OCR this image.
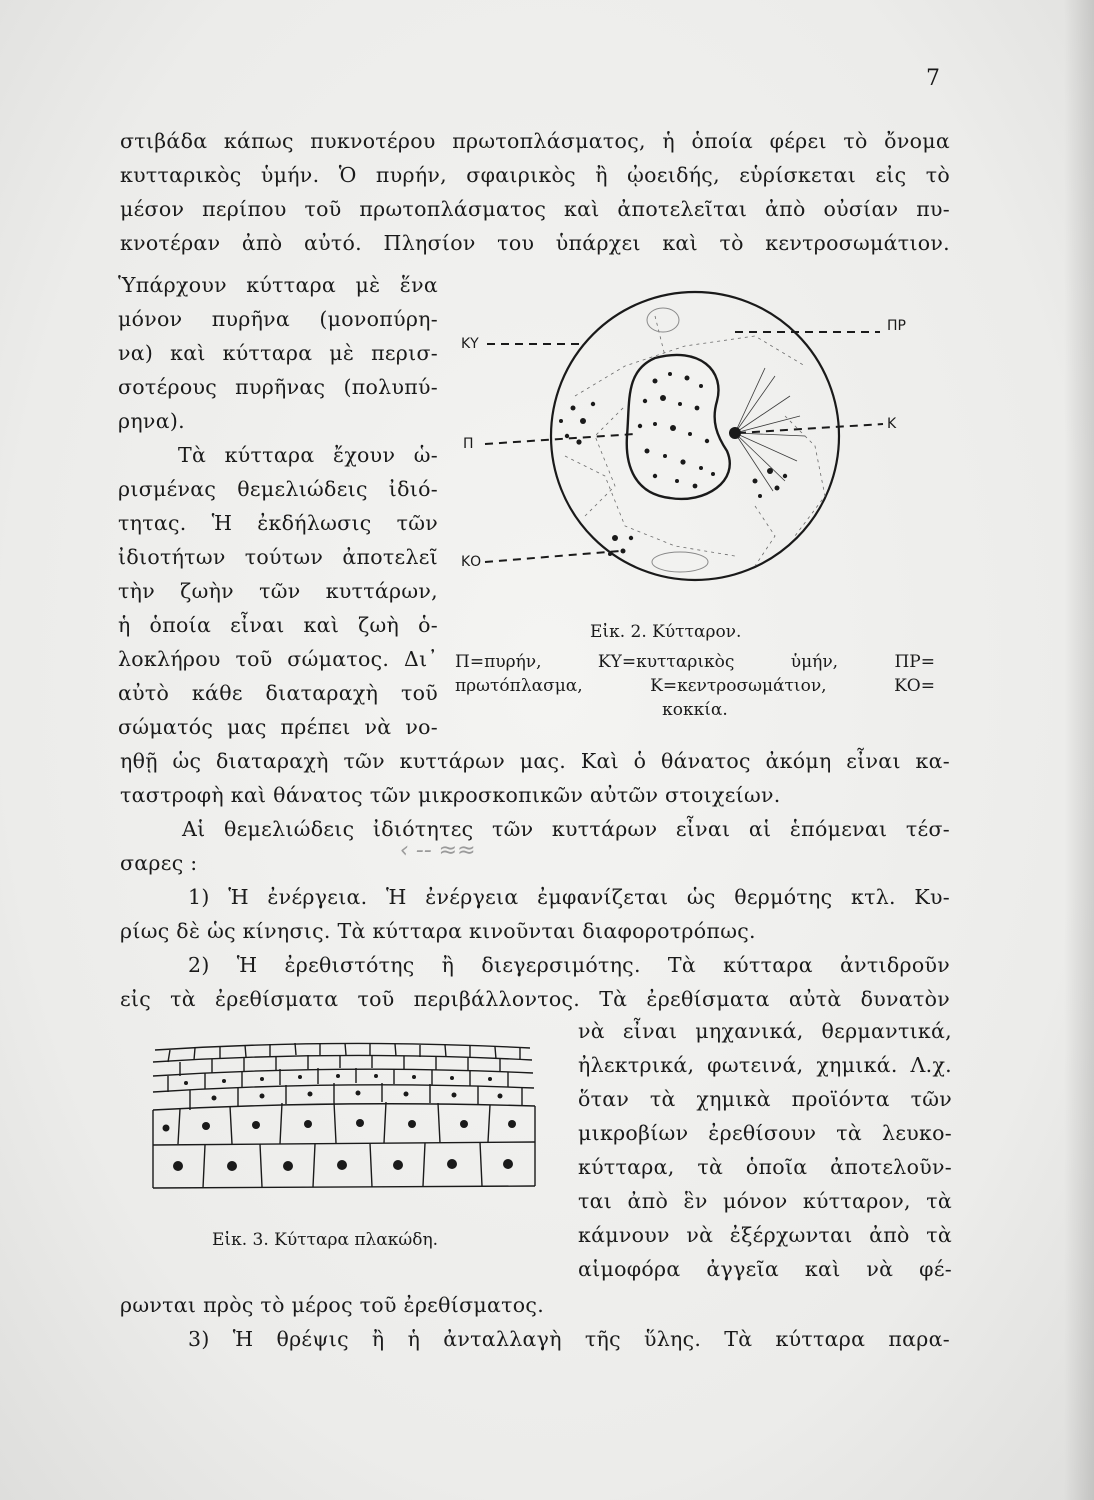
7
στιβάδα κάπως πυκνοτέρου πρωτοπλάσματος, ἡ ὁποία φέρει τὸ ὄνομα
κυτταρικὸς ὑμήν. Ὁ πυρήν, σφαιρικὸς ἢ ᾠοειδής, εὑρίσκεται εἰς τὸ
μέσον περίπου τοῦ πρωτοπλάσματος καὶ ἀποτελεῖται ἀπὸ οὐσίαν πυ-
κνοτέραν ἀπὸ αὐτό. Πλησίον του ὑπάρχει καὶ τὸ κεντροσωμάτιον.
Ὑπάρχουν κύτταρα μὲ ἕνα
μόνον πυρῆνα (μονοπύρη-
να) καὶ κύτταρα μὲ περισ-
σοτέρους πυρῆνας (πολυπύ-
ρηνα).
Τὰ κύτταρα ἔχουν ὡ-
ρισμένας θεμελιώδεις ἰδιό-
τητας. Ἡ ἐκδήλωσις τῶν
ἰδιοτήτων τούτων ἀποτελεῖ
τὴν ζωὴν τῶν κυττάρων,
ἡ ὁποία εἶναι καὶ ζωὴ ὁ-
λοκλήρου τοῦ σώματος. Δι᾽
αὐτὸ κάθε διαταραχὴ τοῦ
σώματός μας πρέπει νὰ νο-
ΚΥ
ΠΡ
Κ
Π
ΚΟ
Εἰκ. 2. Κύτταρον.
Π=πυρήν, ΚΥ=κυτταρικὸς ὑμήν, ΠΡ=
πρωτόπλασμα, Κ=κεντροσωμάτιον, ΚΟ=
κοκκία.
ηθῇ ὡς διαταραχὴ τῶν κυττάρων μας. Καὶ ὁ θάνατος ἀκόμη εἶναι κα-
ταστροφὴ καὶ θάνατος τῶν μικροσκοπικῶν αὐτῶν στοιχείων.
Αἱ θεμελιώδεις ἰδιότητες τῶν κυττάρων εἶναι αἱ ἑπόμεναι τέσ-
σαρες :
1) Ἡ ἐνέργεια. Ἡ ἐνέργεια ἐμφανίζεται ὡς θερμότης κτλ. Κυ-
ρίως δὲ ὡς κίνησις. Τὰ κύτταρα κινοῦνται διαφοροτρόπως.
2) Ἡ ἐρεθιστότης ἢ διεγερσιμότης. Τὰ κύτταρα ἀντιδροῦν
εἰς τὰ ἐρεθίσματα τοῦ περιβάλλοντος. Τὰ ἐρεθίσματα αὐτὰ δυνατὸν
‹ ‐‐ ≈≈
νὰ εἶναι μηχανικά, θερμαντικά,
ἠλεκτρικά, φωτεινά, χημικά. Λ.χ.
ὅταν τὰ χημικὰ προϊόντα τῶν
μικροβίων ἐρεθίσουν τὰ λευκο-
κύτταρα, τὰ ὁποῖα ἀποτελοῦν-
ται ἀπὸ ἓν μόνον κύτταρον, τὰ
κάμνουν νὰ ἐξέρχωνται ἀπὸ τὰ
αἱμοφόρα ἀγγεῖα καὶ νὰ φέ-
Εἰκ. 3. Κύτταρα πλακώδη.
ρωνται πρὸς τὸ μέρος τοῦ ἐρεθίσματος.
3) Ἡ θρέψις ἢ ἡ ἀνταλλαγὴ τῆς ὕλης. Τὰ κύτταρα παρα-
